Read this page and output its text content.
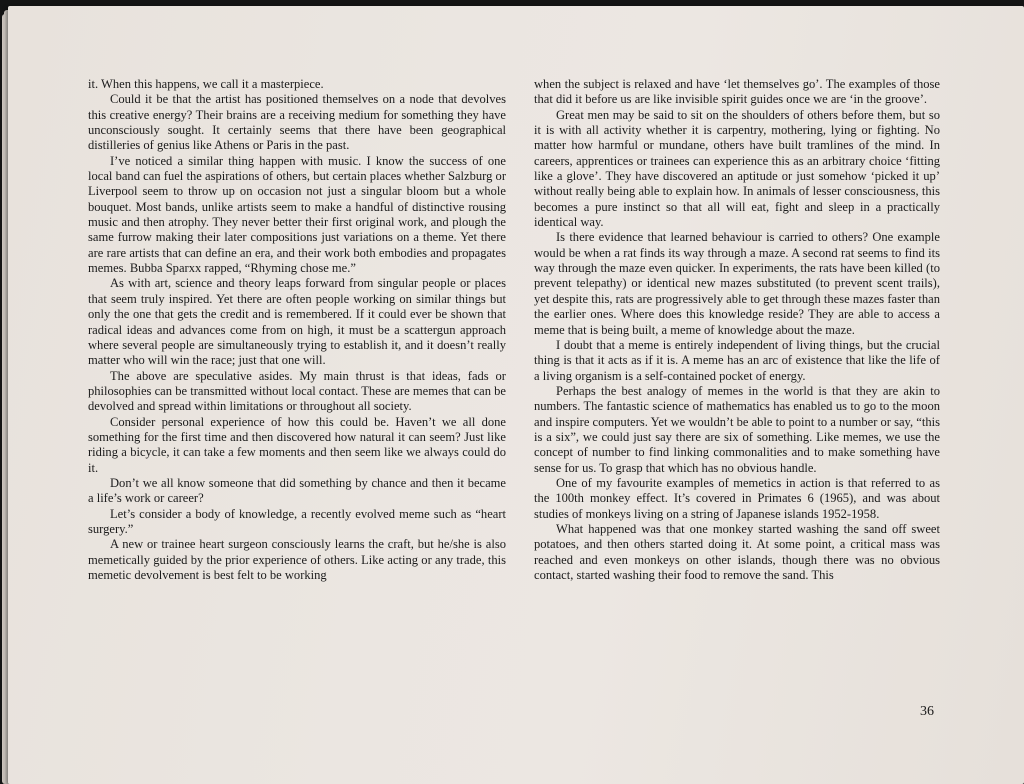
it. When this happens, we call it a masterpiece.

Could it be that the artist has positioned themselves on a node that devolves this creative energy? Their brains are a receiving medium for something they have unconsciously sought. It certainly seems that there have been geographical distilleries of genius like Athens or Paris in the past.

I’ve noticed a similar thing happen with music. I know the success of one local band can fuel the aspirations of others, but certain places whether Salzburg or Liverpool seem to throw up on occasion not just a singular bloom but a whole bouquet. Most bands, unlike artists seem to make a handful of distinctive rousing music and then atrophy. They never better their first original work, and plough the same furrow making their later compositions just variations on a theme. Yet there are rare artists that can define an era, and their work both embodies and propagates memes. Bubba Sparxx rapped, “Rhyming chose me.”

As with art, science and theory leaps forward from singular people or places that seem truly inspired. Yet there are often people working on similar things but only the one that gets the credit and is remembered. If it could ever be shown that radical ideas and advances come from on high, it must be a scattergun approach where several people are simultaneously trying to establish it, and it doesn’t really matter who will win the race; just that one will.

The above are speculative asides. My main thrust is that ideas, fads or philosophies can be transmitted without local contact. These are memes that can be devolved and spread within limitations or throughout all society.

Consider personal experience of how this could be. Haven’t we all done something for the first time and then discovered how natural it can seem? Just like riding a bicycle, it can take a few moments and then seem like we always could do it.

Don’t we all know someone that did something by chance and then it became a life’s work or career?

Let’s consider a body of knowledge, a recently evolved meme such as “heart surgery.”

A new or trainee heart surgeon consciously learns the craft, but he/she is also memetically guided by the prior experience of others. Like acting or any trade, this memetic devolvement is best felt to be working

when the subject is relaxed and have ‘let themselves go’. The examples of those that did it before us are like invisible spirit guides once we are ‘in the groove’.

Great men may be said to sit on the shoulders of others before them, but so it is with all activity whether it is carpentry, mothering, lying or fighting. No matter how harmful or mundane, others have built tramlines of the mind. In careers, apprentices or trainees can experience this as an arbitrary choice ‘fitting like a glove’. They have discovered an aptitude or just somehow ‘picked it up’ without really being able to explain how. In animals of lesser consciousness, this becomes a pure instinct so that all will eat, fight and sleep in a practically identical way.

Is there evidence that learned behaviour is carried to others? One example would be when a rat finds its way through a maze. A second rat seems to find its way through the maze even quicker. In experiments, the rats have been killed (to prevent telepathy) or identical new mazes substituted (to prevent scent trails), yet despite this, rats are progressively able to get through these mazes faster than the earlier ones. Where does this knowledge reside? They are able to access a meme that is being built, a meme of knowledge about the maze.

I doubt that a meme is entirely independent of living things, but the crucial thing is that it acts as if it is. A meme has an arc of existence that like the life of a living organism is a self-contained pocket of energy.

Perhaps the best analogy of memes in the world is that they are akin to numbers. The fantastic science of mathematics has enabled us to go to the moon and inspire computers. Yet we wouldn’t be able to point to a number or say, “this is a six”, we could just say there are six of something. Like memes, we use the concept of number to find linking commonalities and to make something have sense for us. To grasp that which has no obvious handle.

One of my favourite examples of memetics in action is that referred to as the 100th monkey effect. It’s covered in Primates 6 (1965), and was about studies of monkeys living on a string of Japanese islands 1952-1958.

What happened was that one monkey started washing the sand off sweet potatoes, and then others started doing it. At some point, a critical mass was reached and even monkeys on other islands, though there was no obvious contact, started washing their food to remove the sand. This

36
